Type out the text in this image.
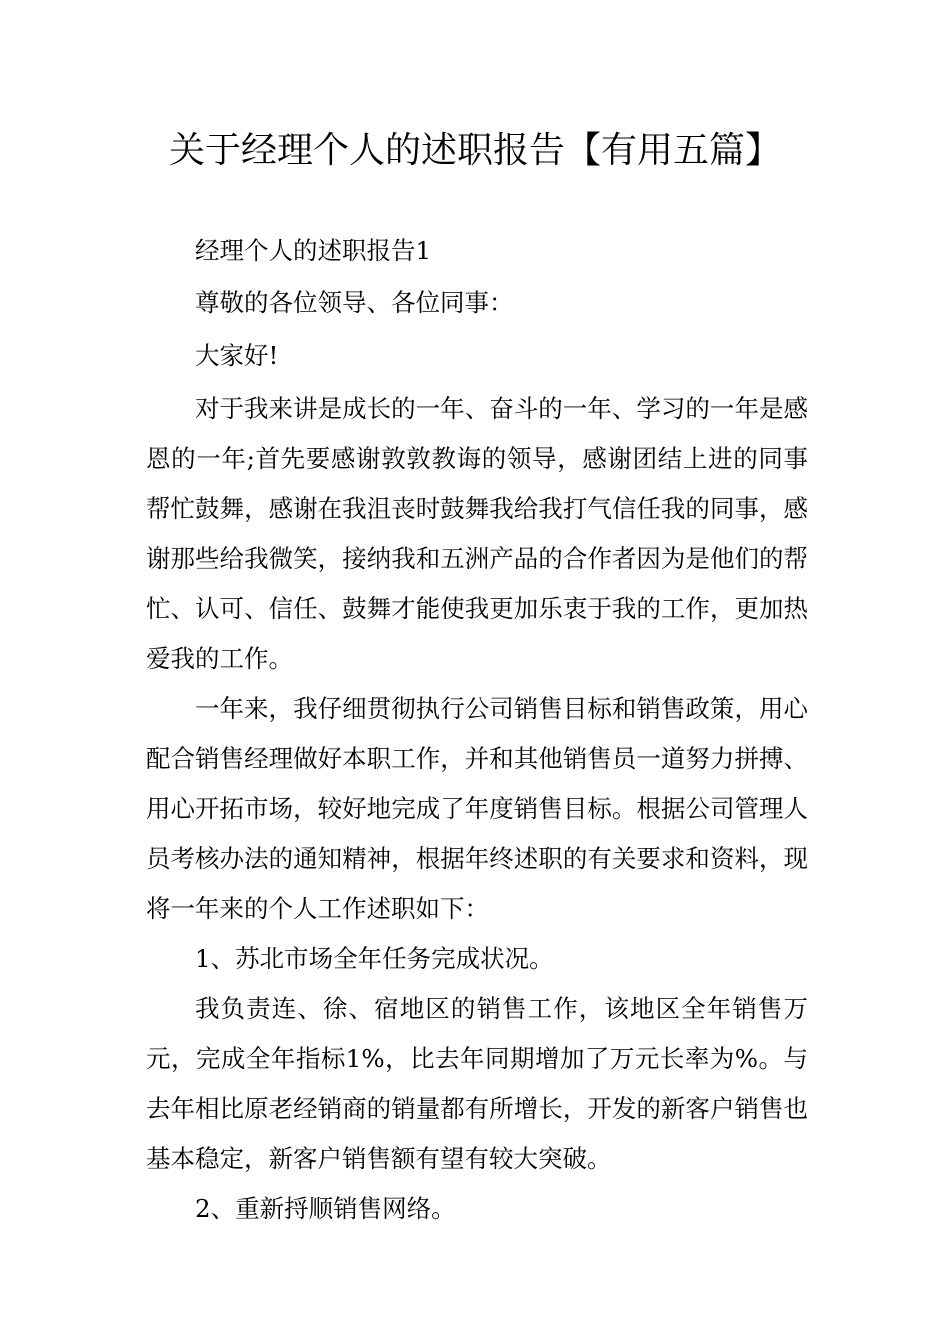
关于经理个人的述职报告【有用五篇】

经理个人的述职报告1

尊敬的各位领导、各位同事：

大家好!

对于我来讲是成长的一年、奋斗的一年、学习的一年是感恩的一年;首先要感谢敦敦教诲的领导，感谢团结上进的同事帮忙鼓舞，感谢在我沮丧时鼓舞我给我打气信任我的同事，感谢那些给我微笑，接纳我和五洲产品的合作者因为是他们的帮忙、认可、信任、鼓舞才能使我更加乐衷于我的工作，更加热爱我的工作。

一年来，我仔细贯彻执行公司销售目标和销售政策，用心配合销售经理做好本职工作，并和其他销售员一道努力拼搏、用心开拓市场，较好地完成了年度销售目标。根据公司管理人员考核办法的通知精神，根据年终述职的有关要求和资料，现将一年来的个人工作述职如下：

1、苏北市场全年任务完成状况。

我负责连、徐、宿地区的销售工作，该地区全年销售万元，完成全年指标1%，比去年同期增加了万元长率为%。与去年相比原老经销商的销量都有所增长，开发的新客户销售也基本稳定，新客户销售额有望有较大突破。

2、重新捋顺销售网络。
